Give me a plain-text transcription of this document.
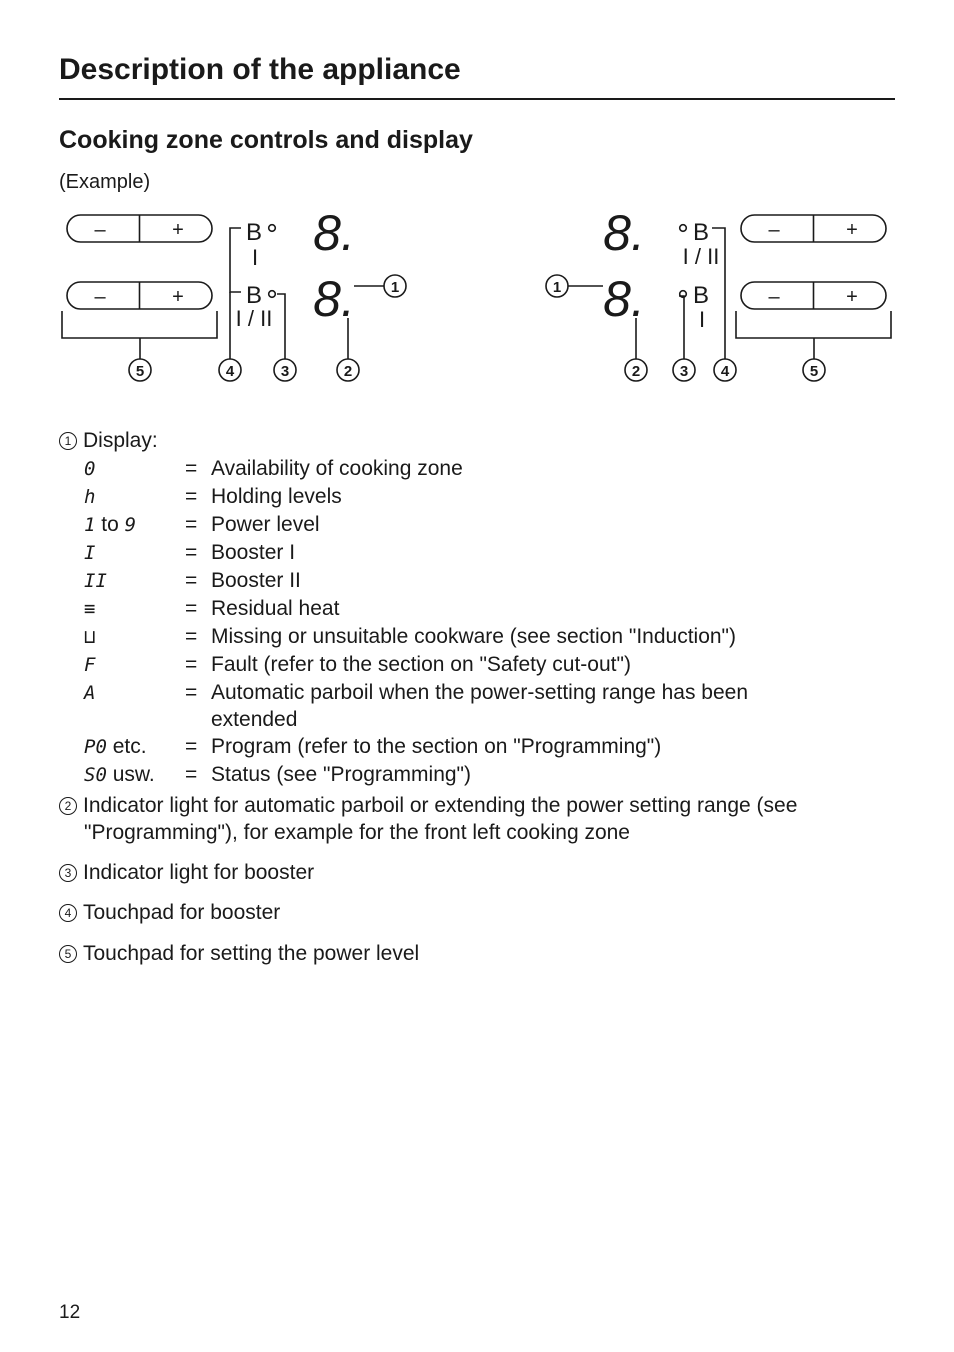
Description of the appliance
Cooking zone controls and display
(Example)
–	+
–	+
–	+
–	+
B
I
B
I / II
B
I / II
B
I
8.
8.
8.
8.
5	4	3	2
1	1
2	3 4	5
1 Display:
0	=	Availability of cooking zone
h	=	Holding levels
1 to 9	=	Power level
I	=	Booster I
II	=	Booster II
≡	=	Residual heat
⊔	=	Missing or unsuitable cookware (see section "Induction")
F	=	Fault (refer to the section on "Safety cut-out")
A	=	Automatic parboil when the power-setting range has been extended
P0 etc.	=	Program (refer to the section on "Programming")
S0 usw.	=	Status (see "Programming")
2 Indicator light for automatic parboil or extending the power setting range (see "Programming"), for example for the front left cooking zone
3 Indicator light for booster
4 Touchpad for booster
5 Touchpad for setting the power level
12
